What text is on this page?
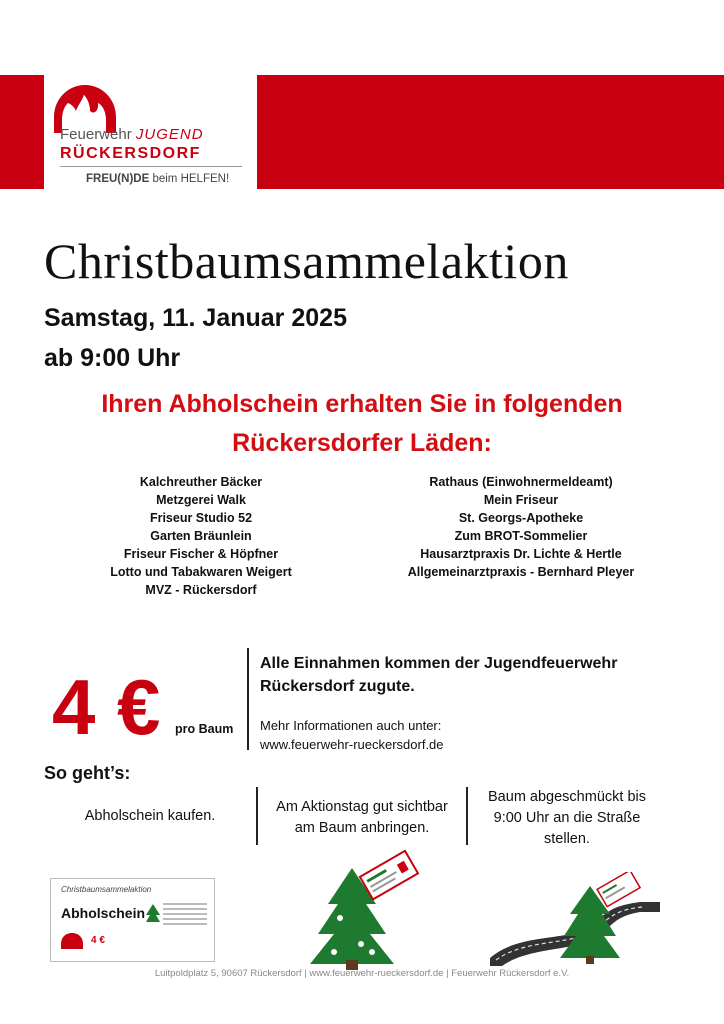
Feuerwehr JUGEND
RÜCKERSDORF
FREU(N)DE beim HELFEN!
Christbaumsammelaktion
Samstag, 11. Januar 2025
ab 9:00 Uhr
Ihren Abholschein erhalten Sie in folgenden
Rückersdorfer Läden:
Kalchreuther Bäcker
Metzgerei Walk
Friseur Studio 52
Garten Bräunlein
Friseur Fischer & Höpfner
Lotto und Tabakwaren Weigert
MVZ - Rückersdorf
Rathaus (Einwohnermeldeamt)
Mein Friseur
St. Georgs-Apotheke
Zum BROT-Sommelier
Hausarztpraxis Dr. Lichte & Hertle
Allgemeinarztpraxis - Bernhard Pleyer
4 € pro Baum
Alle Einnahmen kommen der Jugendfeuerwehr
Rückersdorf zugute.
Mehr Informationen auch unter:
www.feuerwehr-rueckersdorf.de
So geht’s:
Abholschein kaufen.
Am Aktionstag gut sichtbar
am Baum anbringen.
Baum abgeschmückt bis
9:00 Uhr an die Straße
stellen.
Christbaumsammelaktion
Abholschein
4 €
Luitpoldplatz 5, 90607 Rückersdorf | www.feuerwehr-rueckersdorf.de | Feuerwehr Rückersdorf e.V.
